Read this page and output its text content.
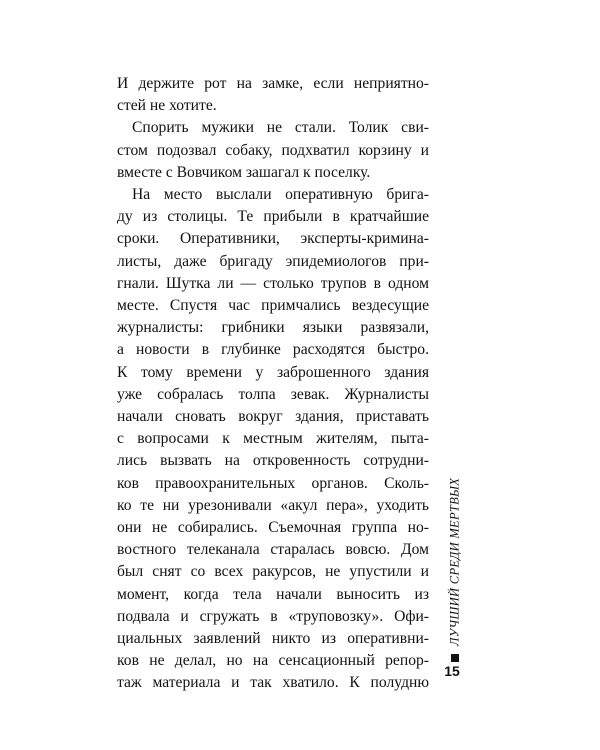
И держите рот на замке, если неприятно-
стей не хотите.

Спорить мужики не стали. Толик сви-
стом подозвал собаку, подхватил корзину и
вместе с Вовчиком зашагал к поселку.

На место выслали оперативную брига-
ду из столицы. Те прибыли в кратчайшие
сроки. Оперативники, эксперты-кримина-
листы, даже бригаду эпидемиологов при-
гнали. Шутка ли — столько трупов в одном
месте. Спустя час примчались вездесущие
журналисты: грибники языки развязали,
а новости в глубинке расходятся быстро.
К тому времени у заброшенного здания
уже собралась толпа зевак. Журналисты
начали сновать вокруг здания, приставать
с вопросами к местным жителям, пыта-
лись вызвать на откровенность сотрудни-
ков правоохранительных органов. Сколь-
ко те ни урезонивали «акул пера», уходить
они не собирались. Съемочная группа но-
востного телеканала старалась вовсю. Дом
был снят со всех ракурсов, не упустили и
момент, когда тела начали выносить из
подвала и сгружать в «труповозку». Офи-
циальных заявлений никто из оперативни-
ков не делал, но на сенсационный репор-
таж материала и так хватило. К полудню

ЛУЧШИЙ СРЕДИ МЕРТВЫХ
15
